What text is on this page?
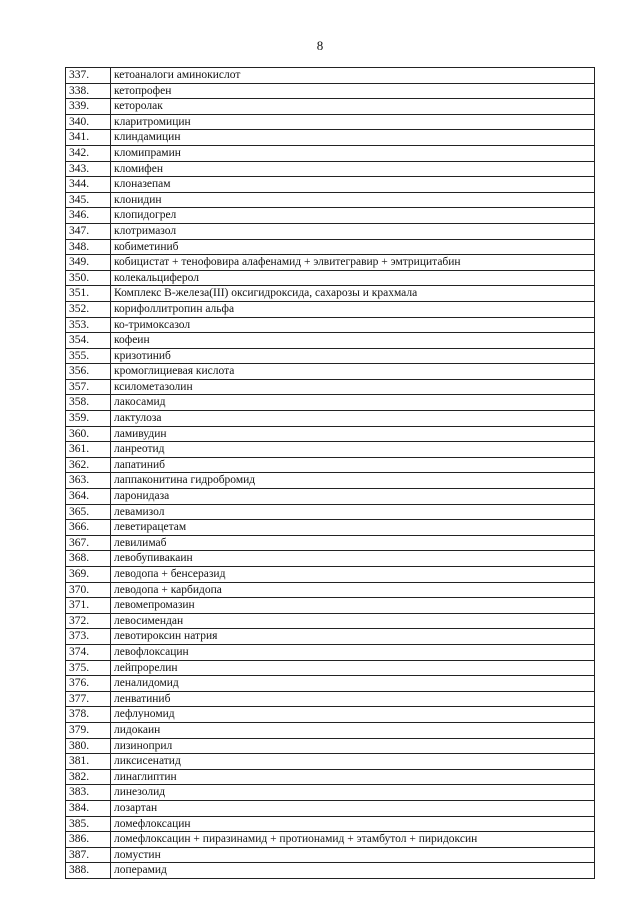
8
337.	кетоаналоги аминокислот
338.	кетопрофен
339.	кеторолак
340.	кларитромицин
341.	клиндамицин
342.	кломипрамин
343.	кломифен
344.	клоназепам
345.	клонидин
346.	клопидогрел
347.	клотримазол
348.	кобиметиниб
349.	кобицистат + тенофовира алафенамид + элвитегравир + эмтрицитабин
350.	колекальциферол
351.	Комплекс В-железа(III) оксигидроксида, сахарозы и крахмала
352.	корифоллитропин альфа
353.	ко-тримоксазол
354.	кофеин
355.	кризотиниб
356.	кромоглициевая кислота
357.	ксилометазолин
358.	лакосамид
359.	лактулоза
360.	ламивудин
361.	ланреотид
362.	лапатиниб
363.	лаппаконитина гидробромид
364.	ларонидаза
365.	левамизол
366.	леветирацетам
367.	левилимаб
368.	левобупивакаин
369.	леводопа + бенсеразид
370.	леводопа + карбидопа
371.	левомепромазин
372.	левосимендан
373.	левотироксин натрия
374.	левофлоксацин
375.	лейпрорелин
376.	леналидомид
377.	ленватиниб
378.	лефлуномид
379.	лидокаин
380.	лизиноприл
381.	ликсисенатид
382.	линаглиптин
383.	линезолид
384.	лозартан
385.	ломефлоксацин
386.	ломефлоксацин + пиразинамид + протионамид + этамбутол + пиридоксин
387.	ломустин
388.	лоперамид
